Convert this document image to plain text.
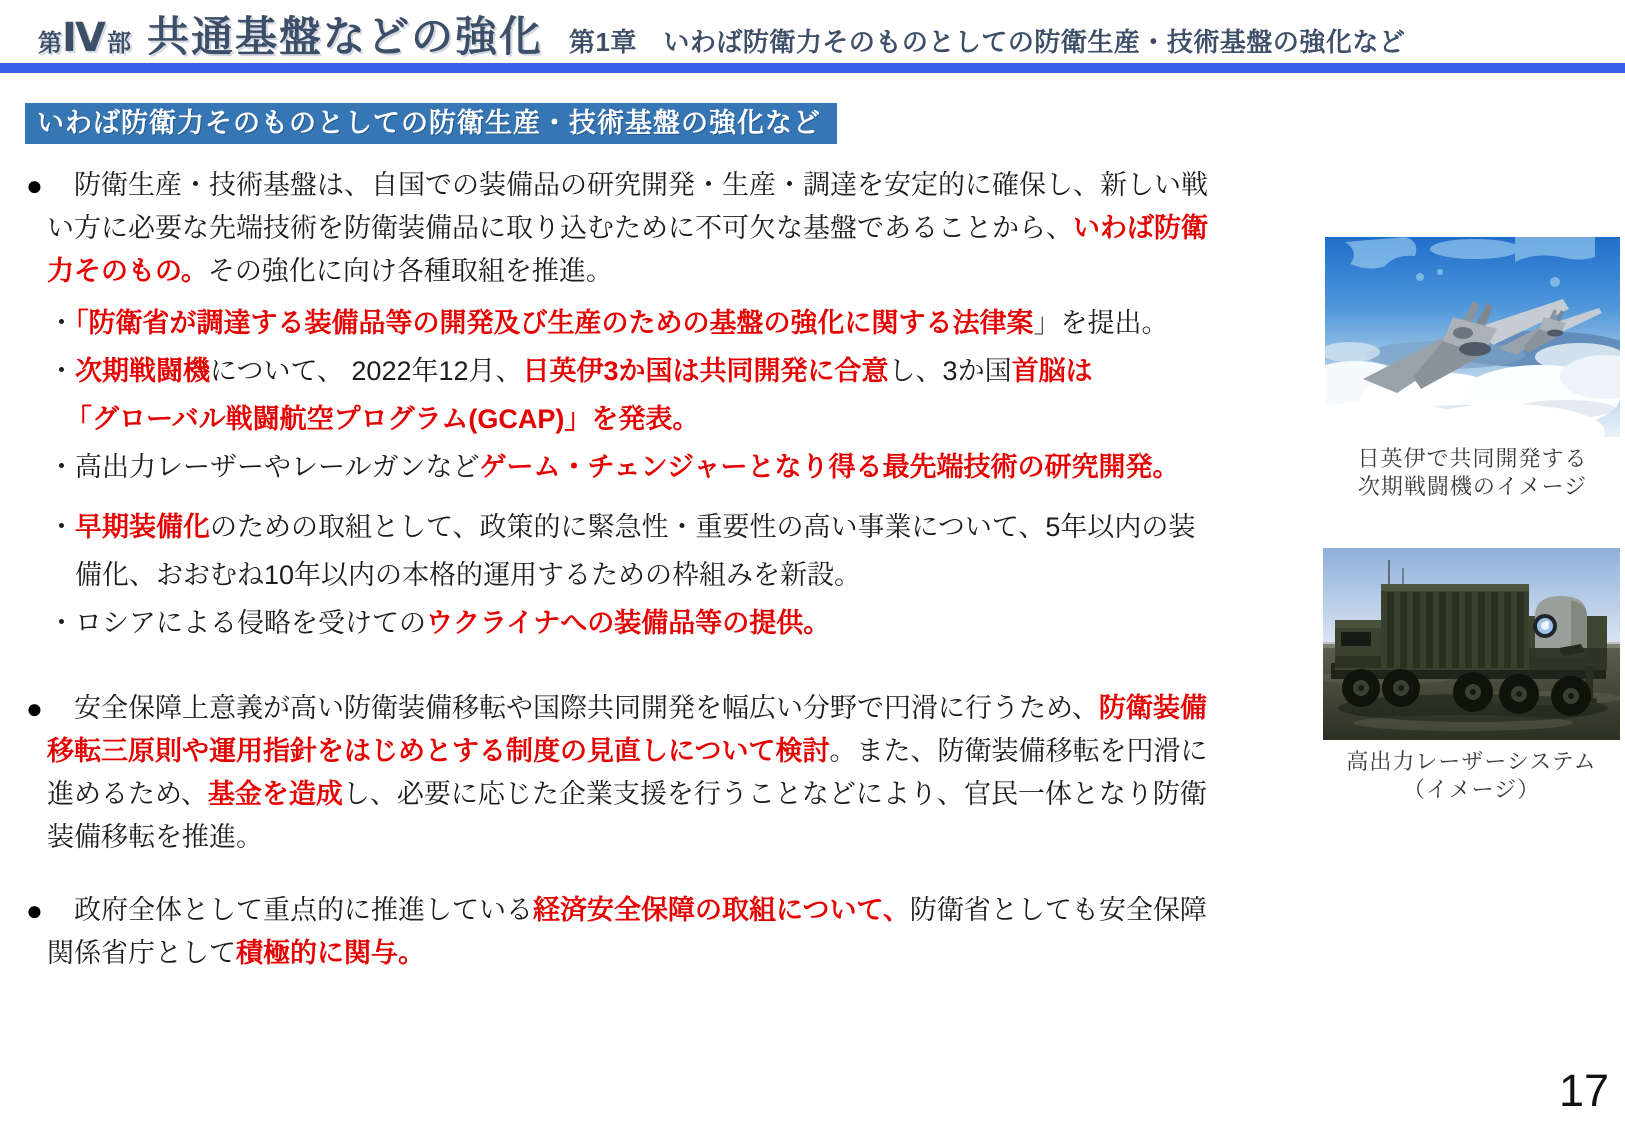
第Ⅳ部 共通基盤などの強化 第1章　いわば防衛力そのものとしての防衛生産・技術基盤の強化など
いわば防衛力そのものとしての防衛生産・技術基盤の強化など
● 　防衛生産・技術基盤は、自国での装備品の研究開発・生産・調達を安定的に確保し、新しい戦
い方に必要な先端技術を防衛装備品に取り込むために不可欠な基盤であることから、いわば防衛
力そのもの。その強化に向け各種取組を推進。
・「防衛省が調達する装備品等の開発及び生産のための基盤の強化に関する法律案」を提出。
・次期戦闘機について、 2022年12月、日英伊3か国は共同開発に合意し、3か国首脳は
「グローバル戦闘航空プログラム(GCAP)」を発表。
・高出力レーザーやレールガンなどゲーム・チェンジャーとなり得る最先端技術の研究開発。
・早期装備化のための取組として、政策的に緊急性・重要性の高い事業について、5年以内の装
備化、おおむね10年以内の本格的運用するための枠組みを新設。
・ロシアによる侵略を受けてのウクライナへの装備品等の提供。
● 　安全保障上意義が高い防衛装備移転や国際共同開発を幅広い分野で円滑に行うため、防衛装備
移転三原則や運用指針をはじめとする制度の見直しについて検討。また、防衛装備移転を円滑に
進めるため、基金を造成し、必要に応じた企業支援を行うことなどにより、官民一体となり防衛
装備移転を推進。
● 　政府全体として重点的に推進している経済安全保障の取組について、防衛省としても安全保障
関係省庁として積極的に関与。
日英伊で共同開発する
次期戦闘機のイメージ
高出力レーザーシステム
（イメージ）
17
